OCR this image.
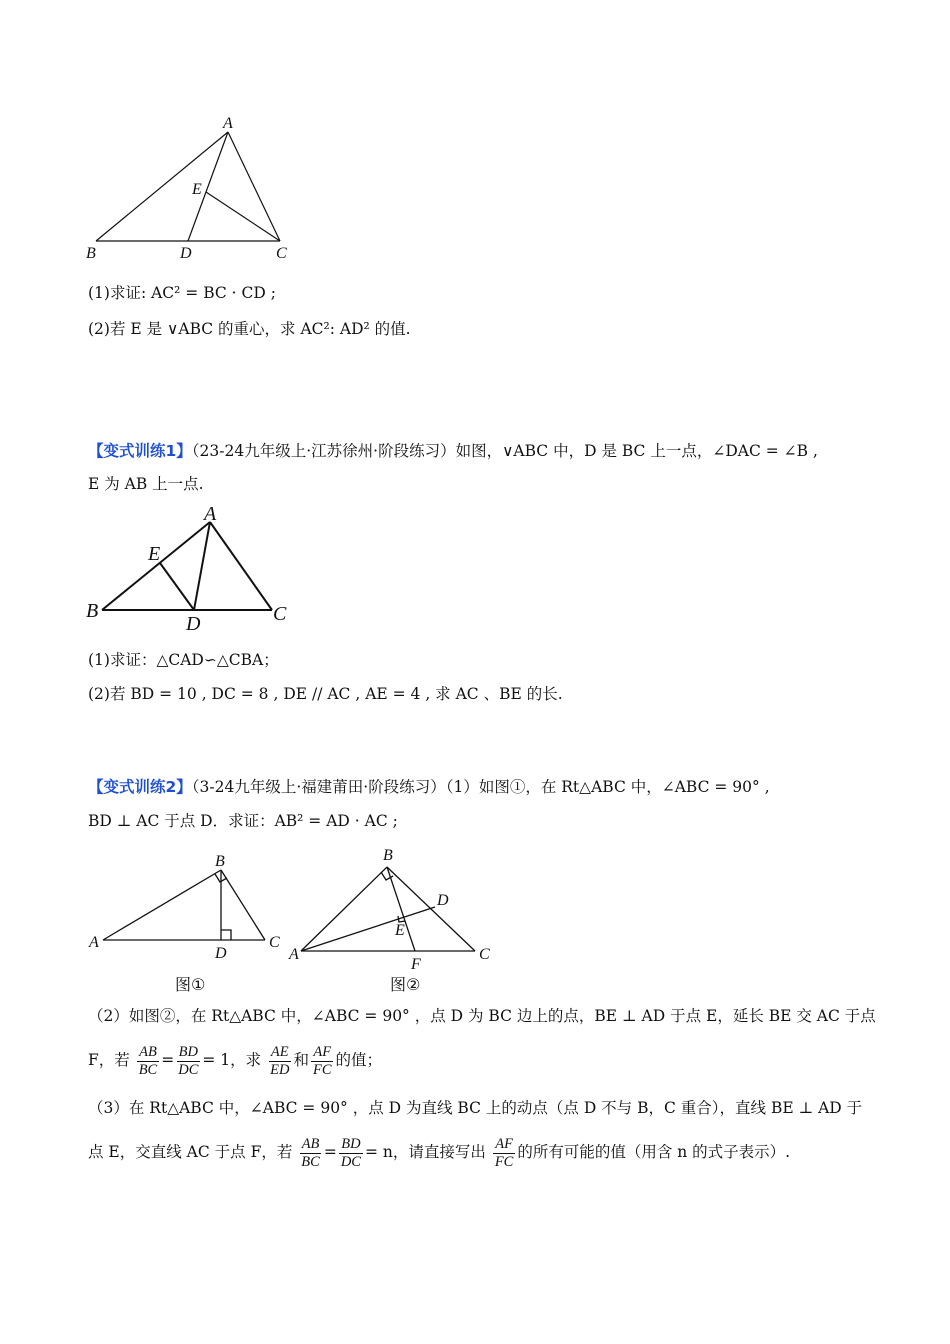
A
E
B	D	C
(1)求证: AC² = BC · CD ;
(2)若 E 是 ∨ABC 的重心，求 AC²: AD² 的值.
【变式训练1】（23-24九年级上·江苏徐州·阶段练习）如图，∨ABC 中，D 是 BC 上一点，∠DAC = ∠B ,
E 为 AB 上一点.
A
E
B
D	C
(1)求证：△CAD∽△CBA；
(2)若 BD = 10 , DC = 8 , DE // AC , AE = 4 , 求 AC 、BE 的长.
【变式训练2】（3-24九年级上·福建莆田·阶段练习）（1）如图①，在 Rt△ABC 中，∠ABC = 90° ,
BD ⊥ AC 于点 D．求证：AB² = AD · AC ;
B
A
D
C
图①
B
D
E
A
F
C
图②
（2）如图②，在 Rt△ABC 中，∠ABC = 90° ，点 D 为 BC 边上的点，BE ⊥ AD 于点 E，延长 BE 交 AC 于点
F，若 $\frac{AB}{BC} = \frac{BD}{DC} = 1$，求 $\frac{AE}{ED}$ 和 $\frac{AF}{FC}$ 的值；
（3）在 Rt△ABC 中，∠ABC = 90° ，点 D 为直线 BC 上的动点（点 D 不与 B，C 重合），直线 BE ⊥ AD 于
点 E，交直线 AC 于点 F，若 $\frac{AB}{BC} = \frac{BD}{DC} = n$，请直接写出 $\frac{AF}{FC}$ 的所有可能的值（用含 n 的式子表示）.
